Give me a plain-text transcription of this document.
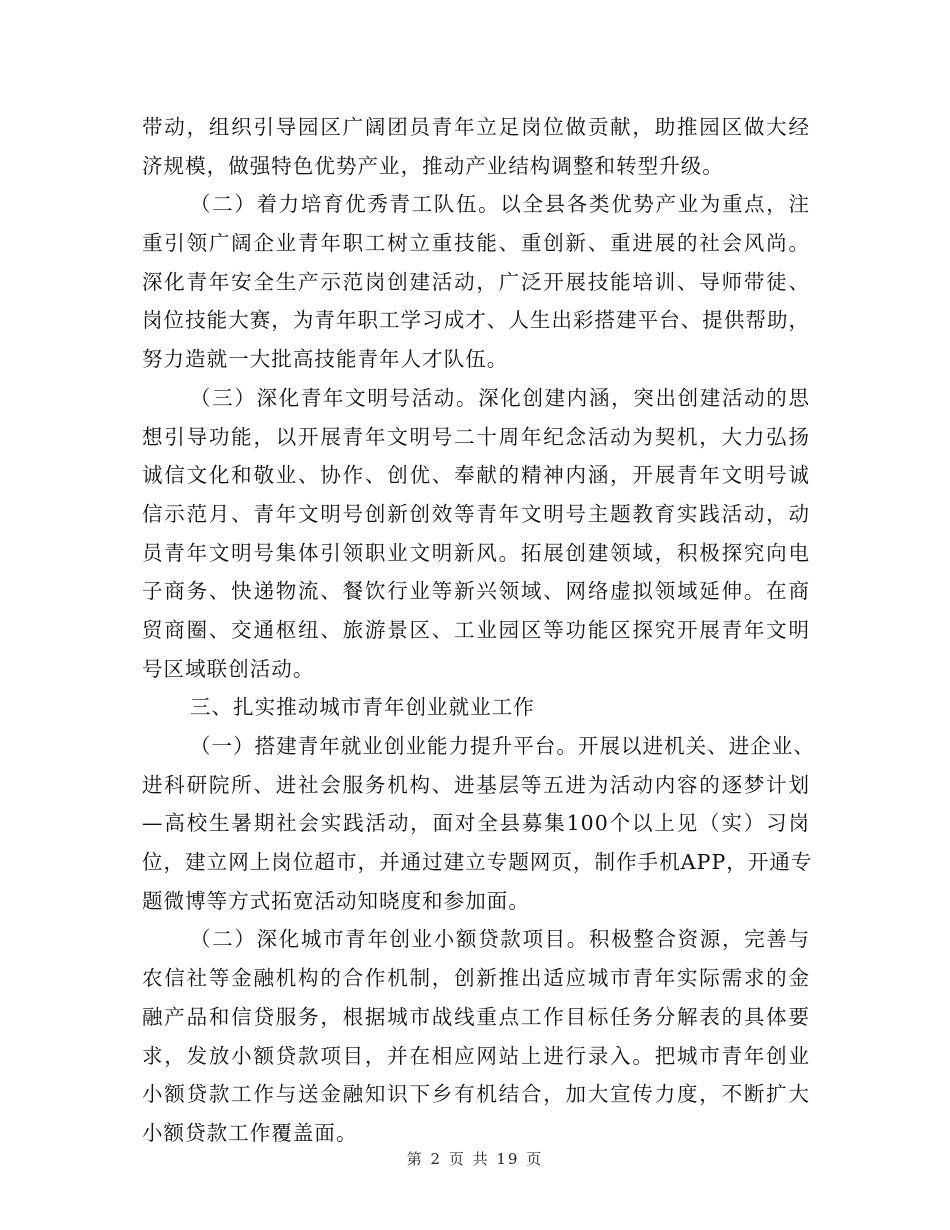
带动，组织引导园区广阔团员青年立足岗位做贡献，助推园区做大经
济规模，做强特色优势产业，推动产业结构调整和转型升级。
（二）着力培育优秀青工队伍。以全县各类优势产业为重点，注
重引领广阔企业青年职工树立重技能、重创新、重进展的社会风尚。
深化青年安全生产示范岗创建活动，广泛开展技能培训、导师带徒、
岗位技能大赛，为青年职工学习成才、人生出彩搭建平台、提供帮助，
努力造就一大批高技能青年人才队伍。
（三）深化青年文明号活动。深化创建内涵，突出创建活动的思
想引导功能，以开展青年文明号二十周年纪念活动为契机，大力弘扬
诚信文化和敬业、协作、创优、奉献的精神内涵，开展青年文明号诚
信示范月、青年文明号创新创效等青年文明号主题教育实践活动，动
员青年文明号集体引领职业文明新风。拓展创建领域，积极探究向电
子商务、快递物流、餐饮行业等新兴领域、网络虚拟领域延伸。在商
贸商圈、交通枢纽、旅游景区、工业园区等功能区探究开展青年文明
号区域联创活动。
三、扎实推动城市青年创业就业工作
（一）搭建青年就业创业能力提升平台。开展以进机关、进企业、
进科研院所、进社会服务机构、进基层等五进为活动内容的逐梦计划
—高校生暑期社会实践活动，面对全县募集100个以上见（实）习岗
位，建立网上岗位超市，并通过建立专题网页，制作手机APP，开通专
题微博等方式拓宽活动知晓度和参加面。
（二）深化城市青年创业小额贷款项目。积极整合资源，完善与
农信社等金融机构的合作机制，创新推出适应城市青年实际需求的金
融产品和信贷服务，根据城市战线重点工作目标任务分解表的具体要
求，发放小额贷款项目，并在相应网站上进行录入。把城市青年创业
小额贷款工作与送金融知识下乡有机结合，加大宣传力度，不断扩大
小额贷款工作覆盖面。
第 2 页 共 19 页
